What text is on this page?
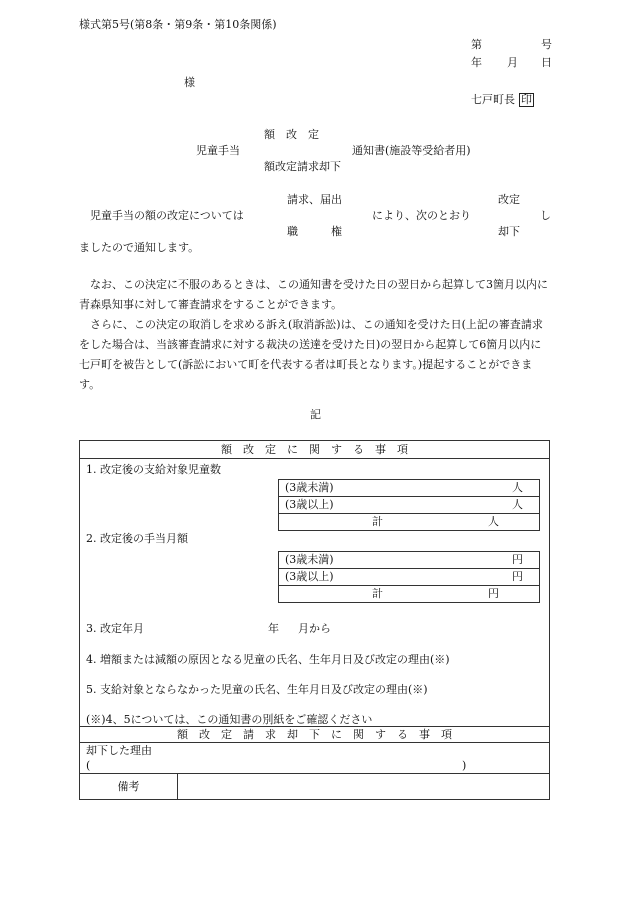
様式第5号(第8条・第9条・第10条関係)
第	号
年 月 日
様
七戸町長 印
額　改　定
児童手当	通知書(施設等受給者用)
額改定請求却下
請求、届出	改定
児童手当の額の改定については	により、次のとおり	し
職　　　権	却下
ましたので通知します。
なお、この決定に不服のあるときは、この通知書を受けた日の翌日から起算して3箇月以内に青森県知事に対して審査請求をすることができます。
さらに、この決定の取消しを求める訴え(取消訴訟)は、この通知を受けた日(上記の審査請求をした場合は、当該審査請求に対する裁決の送達を受けた日)の翌日から起算して6箇月以内に七戸町を被告として(訴訟において町を代表する者は町長となります。)提起することができます。
記
額　改　定　に　関　す　る　事　項
1. 改定後の支給対象児童数
(3歳未満)	人
(3歳以上)	人
計	人
2. 改定後の手当月額
(3歳未満)	円
(3歳以上)	円
計	円
3. 改定年月	年 月から
4. 増額または減額の原因となる児童の氏名、生年月日及び改定の理由(※)
5. 支給対象とならなかった児童の氏名、生年月日及び改定の理由(※)
(※)4、5については、この通知書の別紙をご確認ください
額　改　定　請　求　却　下　に　関　す　る　事　項
却下した理由
(	)
備考
